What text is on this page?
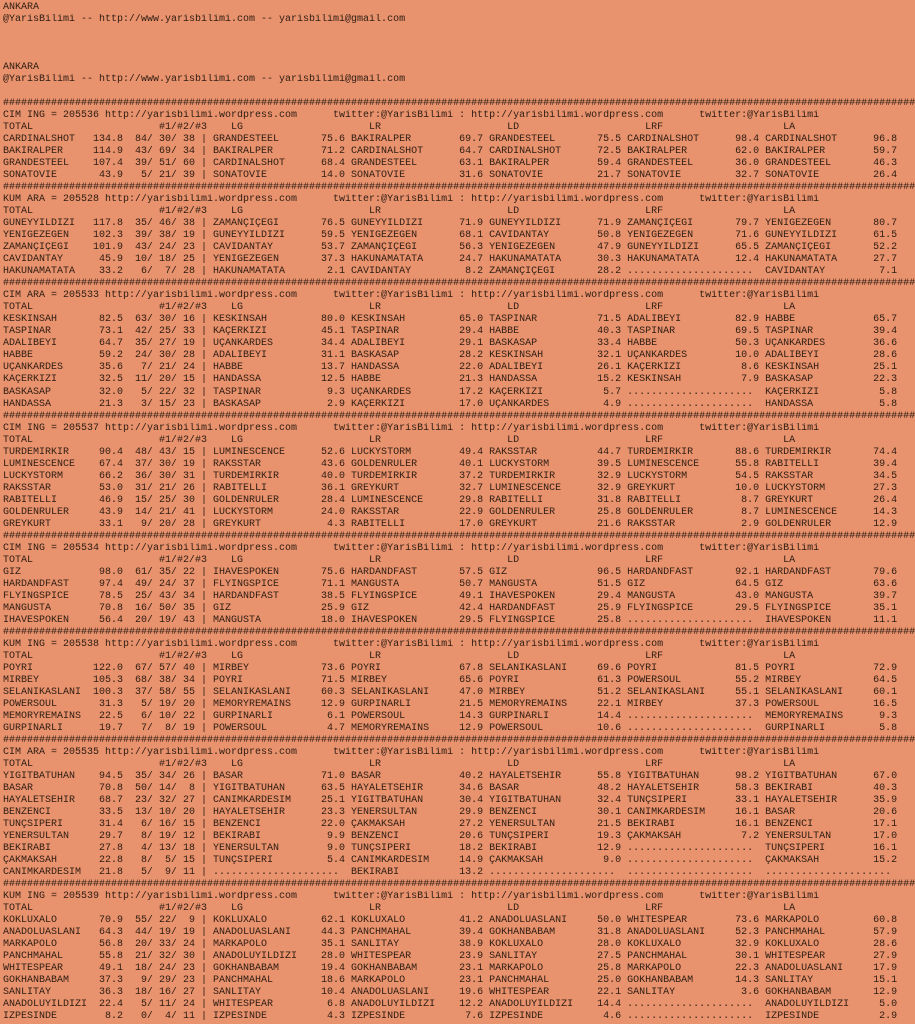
ANKARA
@YarisBilimi -- http://www.yarisbilimi.com -- yarisbilimi@gmail.com
ANKARA
@YarisBilimi -- http://www.yarisbilimi.com -- yarisbilimi@gmail.com
########################################################################################################################################################
CIM ING = 205536 http://yarisbilimi.wordpress.com      twitter:@YarisBilimi : http://yarisbilimi.wordpress.com      twitter:@YarisBilimi
TOTAL                     #1/#2/#3    LG                     LR                     LD                     LRF                    LA
CARDINALSHOT   134.8  84/ 30/ 38 | GRANDESTEEL       75.6 BAKIRALPER        69.7 GRANDESTEEL       75.5 CARDINALSHOT      98.4 CARDINALSHOT      96.8
BAKIRALPER     114.9  43/ 69/ 34 | BAKIRALPER        71.2 CARDINALSHOT      64.7 CARDINALSHOT      72.5 BAKIRALPER        62.0 BAKIRALPER        59.7
GRANDESTEEL    107.4  39/ 51/ 60 | CARDINALSHOT      68.4 GRANDESTEEL       63.1 BAKIRALPER        59.4 GRANDESTEEL       36.0 GRANDESTEEL       46.3
SONATOVIE       43.9   5/ 21/ 39 | SONATOVIE         14.0 SONATOVIE         31.6 SONATOVIE         21.7 SONATOVIE         32.7 SONATOVIE         26.4
########################################################################################################################################################
KUM ARA = 205528 http://yarisbilimi.wordpress.com      twitter:@YarisBilimi : http://yarisbilimi.wordpress.com      twitter:@YarisBilimi
TOTAL                     #1/#2/#3    LG                     LR                     LD                     LRF                    LA
GÜNEYYILDIZI   117.8  35/ 46/ 38 | ZAMANÇIÇEGI       76.5 GÜNEYYILDIZI      71.9 GÜNEYYILDIZI      71.9 ZAMANÇIÇEGI       79.7 YENIGEZEGEN       80.7
YENIGEZEGEN    102.3  39/ 38/ 19 | GÜNEYYILDIZI      59.5 YENIGEZEGEN       68.1 CAVIDANTAY        50.8 YENIGEZEGEN       71.6 GÜNEYYILDIZI      61.5
ZAMANÇIÇEGI    101.9  43/ 24/ 23 | CAVIDANTAY        53.7 ZAMANÇIÇEGI       56.3 YENIGEZEGEN       47.9 GÜNEYYILDIZI      65.5 ZAMANÇIÇEGI       52.2
CAVIDANTAY      45.9  10/ 18/ 25 | YENIGEZEGEN       37.3 HAKUNAMATATA      24.7 HAKUNAMATATA      30.3 HAKUNAMATATA      12.4 HAKUNAMATATA      27.7
HAKUNAMATATA    33.2   6/  7/ 28 | HAKUNAMATATA       2.1 CAVIDANTAY         8.2 ZAMANÇIÇEGI       28.2 .....................  CAVIDANTAY         7.1
########################################################################################################################################################
CIM ARA = 205533 http://yarisbilimi.wordpress.com      twitter:@YarisBilimi : http://yarisbilimi.wordpress.com      twitter:@YarisBilimi
TOTAL                     #1/#2/#3    LG                     LR                     LD                     LRF                    LA
KESKINSAH       82.5  63/ 30/ 16 | KESKINSAH         80.0 KESKINSAH         65.0 TASPINAR          71.5 ADALIBEYI         82.9 HABBE             65.7
TASPINAR        73.1  42/ 25/ 33 | KAÇERKIZI         45.1 TASPINAR          29.4 HABBE             40.3 TASPINAR          69.5 TASPINAR          39.4
ADALIBEYI       64.7  35/ 27/ 19 | UÇANKARDES        34.4 ADALIBEYI         29.1 BASKASAP          33.4 HABBE             50.3 UÇANKARDES        36.6
HABBE           59.2  24/ 30/ 28 | ADALIBEYI         31.1 BASKASAP          28.2 KESKINSAH         32.1 UÇANKARDES        10.0 ADALIBEYI         28.6
UÇANKARDES      35.6   7/ 21/ 24 | HABBE             13.7 HANDASSA          22.0 ADALIBEYI         26.1 KAÇERKIZI          8.6 KESKINSAH         25.1
KAÇERKIZI       32.5  11/ 20/ 15 | HANDASSA          12.5 HABBE             21.3 HANDASSA          15.2 KESKINSAH          7.9 BASKASAP          22.3
BASKASAP        32.0   5/ 22/ 32 | TASPINAR           9.3 UÇANKARDES        17.2 KAÇERKIZI          5.7 .....................  KAÇERKIZI          5.8
HANDASSA        21.3   3/ 15/ 23 | BASKASAP           2.9 KAÇERKIZI         17.0 UÇANKARDES         4.9 .....................  HANDASSA           5.8
########################################################################################################################################################
CIM ING = 205537 http://yarisbilimi.wordpress.com      twitter:@YarisBilimi : http://yarisbilimi.wordpress.com      twitter:@YarisBilimi
TOTAL                     #1/#2/#3    LG                     LR                     LD                     LRF                    LA
TURDEMIRKIR     90.4  48/ 43/ 15 | LUMINESCENCE      52.6 LUCKYSTORM        49.4 RAKSSTAR          44.7 TURDEMIRKIR       88.6 TURDEMIRKIR       74.4
LUMINESCENCE    67.4  37/ 30/ 19 | RAKSSTAR          43.6 GOLDENRULER       40.1 LUCKYSTORM        39.5 LUMINESCENCE      55.8 RABITELLI         39.4
LUCKYSTORM      66.2  36/ 30/ 31 | TURDEMIRKIR       40.0 TURDEMIRKIR       37.2 TURDEMIRKIR       32.9 LUCKYSTORM        54.5 RAKSSTAR          34.5
RAKSSTAR        53.0  31/ 21/ 26 | RABITELLI         36.1 GREYKURT          32.7 LUMINESCENCE      32.9 GREYKURT          10.0 LUCKYSTORM        27.3
RABITELLI       46.9  15/ 25/ 30 | GOLDENRULER       28.4 LUMINESCENCE      29.8 RABITELLI         31.8 RABITELLI          8.7 GREYKURT          26.4
GOLDENRULER     43.9  14/ 21/ 41 | LUCKYSTORM        24.0 RAKSSTAR          22.9 GOLDENRULER       25.8 GOLDENRULER        8.7 LUMINESCENCE      14.3
GREYKURT        33.1   9/ 20/ 28 | GREYKURT           4.3 RABITELLI         17.0 GREYKURT          21.6 RAKSSTAR           2.9 GOLDENRULER       12.9
########################################################################################################################################################
CIM ING = 205534 http://yarisbilimi.wordpress.com      twitter:@YarisBilimi : http://yarisbilimi.wordpress.com      twitter:@YarisBilimi
TOTAL                     #1/#2/#3    LG                     LR                     LD                     LRF                    LA
GIZ             98.0  61/ 35/ 22 | IHAVESPOKEN       75.6 HARDANDFAST       57.5 GIZ               96.5 HARDANDFAST       92.1 HARDANDFAST       79.6
HARDANDFAST     97.4  49/ 24/ 37 | FLYINGSPICE       71.1 MANGUSTA          50.7 MANGUSTA          51.5 GIZ               64.5 GIZ               63.6
FLYINGSPICE     78.5  25/ 43/ 34 | HARDANDFAST       38.5 FLYINGSPICE       49.1 IHAVESPOKEN       29.4 MANGUSTA          43.0 MANGUSTA          39.7
MANGUSTA        70.8  16/ 50/ 35 | GIZ               25.9 GIZ               42.4 HARDANDFAST       25.9 FLYINGSPICE       29.5 FLYINGSPICE       35.1
IHAVESPOKEN     56.4  20/ 19/ 43 | MANGUSTA          18.0 IHAVESPOKEN       29.5 FLYINGSPICE       25.8 .....................  IHAVESPOKEN       11.1
########################################################################################################################################################
KUM ING = 205538 http://yarisbilimi.wordpress.com      twitter:@YarisBilimi : http://yarisbilimi.wordpress.com      twitter:@YarisBilimi
TOTAL                     #1/#2/#3    LG                     LR                     LD                     LRF                    LA
POYRI          122.0  67/ 57/ 40 | MIRBEY            73.6 POYRI             67.8 SELANIKASLANI     69.6 POYRI             81.5 POYRI             72.9
MIRBEY         105.3  68/ 38/ 34 | POYRI             71.5 MIRBEY            65.6 POYRI             61.3 POWERSOUL         55.2 MIRBEY            64.5
SELANIKASLANI  100.3  37/ 58/ 55 | SELANIKASLANI     60.3 SELANIKASLANI     47.0 MIRBEY            51.2 SELANIKASLANI     55.1 SELANIKASLANI     60.1
POWERSOUL       31.3   5/ 19/ 20 | MEMORYREMAINS     12.9 GÜRPINARLI        21.5 MEMORYREMAINS     22.1 MIRBEY            37.3 POWERSOUL         16.5
MEMORYREMAINS   22.5   6/ 10/ 22 | GÜRPINARLI         6.1 POWERSOUL         14.3 GÜRPINARLI        14.4 .....................  MEMORYREMAINS      9.3
GÜRPINARLI      19.7   7/  8/ 19 | POWERSOUL          4.7 MEMORYREMAINS     12.9 POWERSOUL         10.6 .....................  GÜRPINARLI         5.8
########################################################################################################################################################
CIM ARA = 205535 http://yarisbilimi.wordpress.com      twitter:@YarisBilimi : http://yarisbilimi.wordpress.com      twitter:@YarisBilimi
TOTAL                     #1/#2/#3    LG                     LR                     LD                     LRF                    LA
YIGITBATUHAN    94.5  35/ 34/ 26 | BASAR             71.0 BASAR             40.2 HAYALETSEHIR      55.8 YIGITBATUHAN      98.2 YIGITBATUHAN      67.0
BASAR           70.8  50/ 14/  8 | YIGITBATUHAN      63.5 HAYALETSEHIR      34.6 BASAR             48.2 HAYALETSEHIR      58.3 BEKIRABI          40.3
HAYALETSEHIR    68.7  23/ 32/ 27 | CANIMKARDESIM     25.1 YIGITBATUHAN      30.4 YIGITBATUHAN      32.4 TUNÇSIPERI        33.1 HAYALETSEHIR      35.9
BENZENCI        33.5  13/ 10/ 20 | HAYALETSEHIR      23.3 YENERSULTAN       29.9 BENZENCI          30.1 CANIMKARDESIM     16.1 BASAR             20.6
TUNÇSIPERI      31.4   6/ 16/ 15 | BENZENCI          22.0 ÇAKMAKSAH         27.2 YENERSULTAN       21.5 BEKIRABI          16.1 BENZENCI          17.1
YENERSULTAN     29.7   8/ 19/ 12 | BEKIRABI           9.9 BENZENCI          20.6 TUNÇSIPERI        19.3 ÇAKMAKSAH          7.2 YENERSULTAN       17.0
BEKIRABI        27.8   4/ 13/ 18 | YENERSULTAN        9.0 TUNÇSIPERI        18.2 BEKIRABI          12.9 .....................  TUNÇSIPERI        16.1
ÇAKMAKSAH       22.8   8/  5/ 15 | TUNÇSIPERI         5.4 CANIMKARDESIM     14.9 ÇAKMAKSAH          9.0 .....................  ÇAKMAKSAH         15.2
CANIMKARDESIM   21.8   5/  9/ 11 | .....................  BEKIRABI          13.2 .....................  .....................  .....................
########################################################################################################################################################
KUM ING = 205539 http://yarisbilimi.wordpress.com      twitter:@YarisBilimi : http://yarisbilimi.wordpress.com      twitter:@YarisBilimi
TOTAL                     #1/#2/#3    LG                     LR                     LD                     LRF                    LA
KÖKLÜXALO       70.9  55/ 22/  9 | KÖKLÜXALO         62.1 KÖKLÜXALO         41.2 ANADOLUASLANI     50.0 WHITESPEAR        73.6 MARKAPOLO         60.8
ANADOLUASLANI   64.3  44/ 19/ 19 | ANADOLUASLANI     44.3 PANCHMAHAL        39.4 GÖKHANBABAM       31.8 ANADOLUASLANI     52.3 PANCHMAHAL        57.9
MARKAPOLO       56.8  20/ 33/ 24 | MARKAPOLO         35.1 SANLITAY          38.9 KÖKLÜXALO         28.0 KÖKLÜXALO         32.9 KÖKLÜXALO         28.6
PANCHMAHAL      55.8  21/ 32/ 30 | ANADOLUYILDIZI    28.0 WHITESPEAR        23.9 SANLITAY          27.5 PANCHMAHAL        30.1 WHITESPEAR        27.9
WHITESPEAR      49.1  18/ 24/ 23 | GÖKHANBABAM       19.4 GÖKHANBABAM       23.1 MARKAPOLO         25.8 MARKAPOLO         22.3 ANADOLUASLANI     17.9
GÖKHANBABAM     37.3   9/ 29/ 23 | PANCHMAHAL        18.6 MARKAPOLO         23.1 PANCHMAHAL        25.0 GÖKHANBABAM       14.3 SANLITAY          15.1
SANLITAY        36.3  18/ 16/ 27 | SANLITAY          10.4 ANADOLUASLANI     19.6 WHITESPEAR        22.1 SANLITAY           3.6 GÖKHANBABAM       12.9
ANADOLUYILDIZI  22.4   5/ 11/ 24 | WHITESPEAR         6.8 ANADOLUYILDIZI    12.2 ANADOLUYILDIZI    14.4 .....................  ANADOLUYILDIZI     5.0
IZPESINDE        8.2   0/  4/ 11 | IZPESINDE          4.3 IZPESINDE          7.6 IZPESINDE          4.6 .....................  IZPESINDE          2.9
